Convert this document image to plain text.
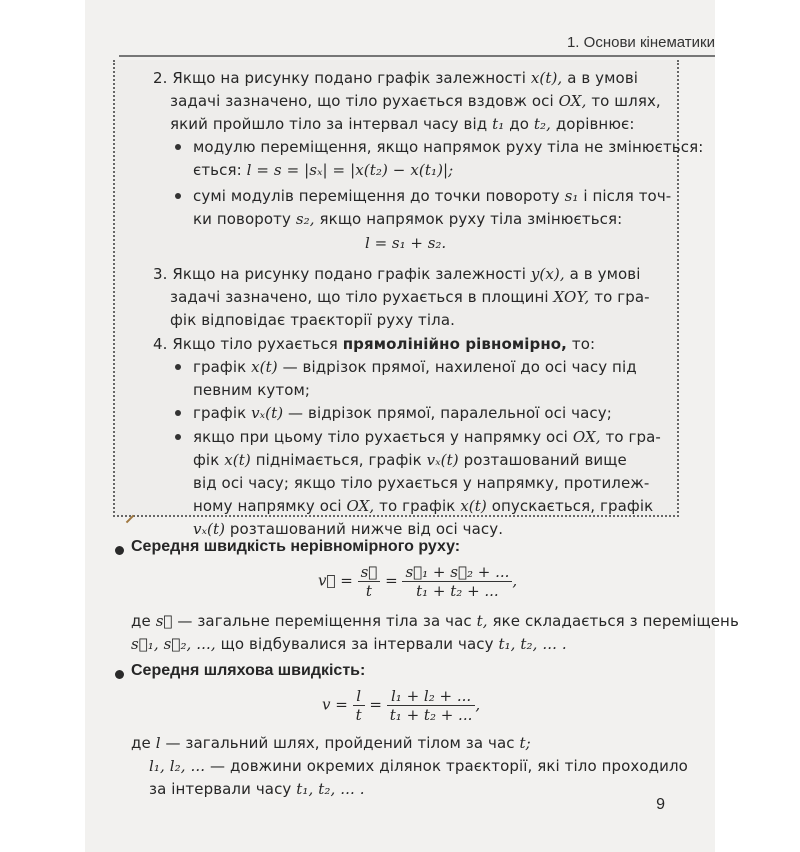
1. Основи кінематики
2. Якщо на рисунку подано графік залежності x(t), а в умові
задачі зазначено, що тіло рухається вздовж осі OX, то шлях,
який пройшло тіло за інтервал часу від t₁ до t₂, дорівнює:
модулю переміщення, якщо напрямок руху тіла не змінюється:
ється: l = s = |sₓ| = |x(t₂) − x(t₁)|;
сумі модулів переміщення до точки повороту s₁ і після точ-
ки повороту s₂, якщо напрямок руху тіла змінюється:
l = s₁ + s₂.
3. Якщо на рисунку подано графік залежності y(x), а в умові
задачі зазначено, що тіло рухається в площині XOY, то гра-
фік відповідає траєкторії руху тіла.
4. Якщо тіло рухається прямолінійно рівномірно, то:
графік x(t) — відрізок прямої, нахиленої до осі часу під
певним кутом;
графік vₓ(t) — відрізок прямої, паралельної осі часу;
якщо при цьому тіло рухається у напрямку осі OX, то гра-
фік x(t) піднімається, графік vₓ(t) розташований вище
від осі часу; якщо тіло рухається у напрямку, протилеж-
ному напрямку осі OX, то графік x(t) опускається, графік
vₓ(t) розташований нижче від осі часу.
Середня швидкість нерівномірного руху:
v⃗ = $\frac{s⃗}{t} = \frac{\text{s⃗₁ + s⃗₂ + ...}}{\text{t₁ + t₂ + ...}}$ ,
де s⃗ — загальне переміщення тіла за час t, яке складається з переміщень
s⃗₁, s⃗₂, ..., що відбувалися за інтервали часу t₁, t₂, ... .
Середня шляхова швидкість:
$v = \frac{l}{t} = \frac{\text{l₁ + l₂ + ...}}{\text{t₁ + t₂ + ...}}$ ,
де l — загальний шлях, пройдений тілом за час t;
l₁, l₂, ... — довжини окремих ділянок траєкторії, які тіло проходило
за інтервали часу t₁, t₂, ... .
9
